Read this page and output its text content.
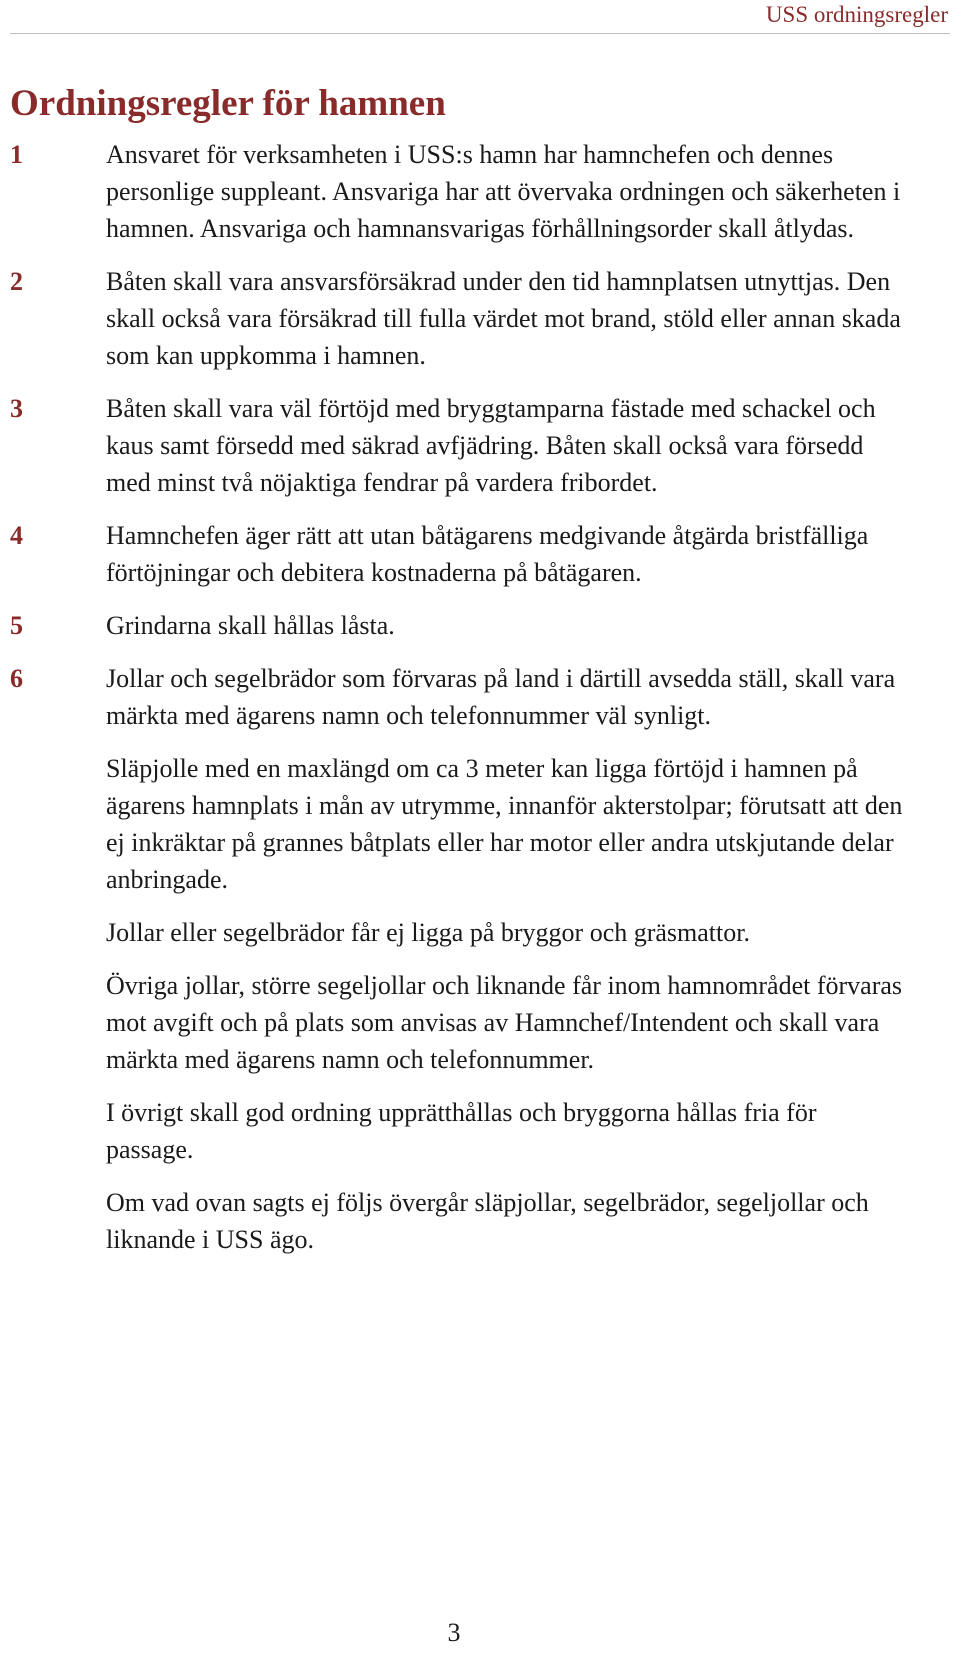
USS ordningsregler
Ordningsregler för hamnen
1	Ansvaret för verksamheten i USS:s hamn har hamnchefen och dennes personlige suppleant. Ansvariga har att övervaka ordningen och säkerheten i hamnen. Ansvariga och hamnansvarigas förhållningsorder skall åtlydas.

2	Båten skall vara ansvarsförsäkrad under den tid hamnplatsen utnyttjas. Den skall också vara försäkrad till fulla värdet mot brand, stöld eller annan skada som kan uppkomma i hamnen.

3	Båten skall vara väl förtöjd med bryggtamparna fästade med schackel och kaus samt försedd med säkrad avfjädring. Båten skall också vara försedd med minst två nöjaktiga fendrar på vardera fribordet.

4	Hamnchefen äger rätt att utan båtägarens medgivande åtgärda bristfälliga förtöjningar och debitera kostnaderna på båtägaren.

5	Grindarna skall hållas låsta.

6	Jollar och segelbrädor som förvaras på land i därtill avsedda ställ, skall vara märkta med ägarens namn och telefonnummer väl synligt.

Släpjolle med en maxlängd om ca 3 meter kan ligga förtöjd i hamnen på ägarens hamnplats i mån av utrymme, innanför akterstolpar; förutsatt att den ej inkräktar på grannes båtplats eller har motor eller andra utskjutande delar anbringade.

Jollar eller segelbrädor får ej ligga på bryggor och gräsmattor.

Övriga jollar, större segeljollar och liknande får inom hamnområdet förvaras mot avgift och på plats som anvisas av Hamnchef/Intendent och skall vara märkta med ägarens namn och telefonnummer.

I övrigt skall god ordning upprätthållas och bryggorna hållas fria för passage.

Om vad ovan sagts ej följs övergår släpjollar, segelbrädor, segeljollar och liknande i USS ägo.

3
